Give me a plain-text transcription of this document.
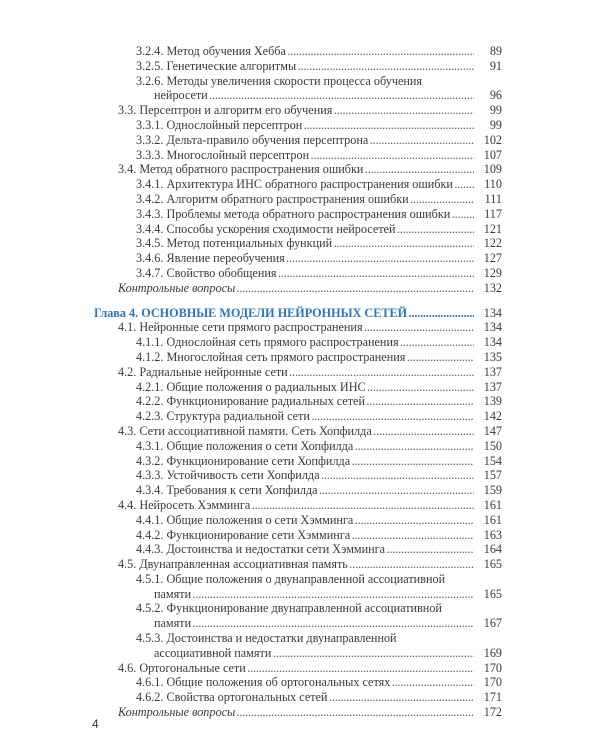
3.2.4. Метод обучения Хебба . . .	89
3.2.5. Генетические алгоритмы . . .	91
3.2.6. Методы увеличения скорости процесса обучения
нейросети . . .	96
3.3. Персептрон и алгоритм его обучения . . .	99
3.3.1. Однослойный персептрон . . .	99
3.3.2. Дельта-правило обучения персептрона . . .	102
3.3.3. Многослойный персептрон . . .	107
3.4. Метод обратного распространения ошибки . . .	109
3.4.1. Архитектура ИНС обратного распространения ошибки . . .	110
3.4.2. Алгоритм обратного распространения ошибки . . .	111
3.4.3. Проблемы метода обратного распространения ошибки . . .	117
3.4.4. Способы ускорения сходимости нейросетей . . .	121
3.4.5. Метод потенциальных функций . . .	122
3.4.6. Явление переобучения . . .	127
3.4.7. Свойство обобщения . . .	129
Контрольные вопросы . . .	132
Глава 4. ОСНОВНЫЕ МОДЕЛИ НЕЙРОННЫХ СЕТЕЙ . . .	134
4.1. Нейронные сети прямого распространения . . .	134
4.1.1. Однослойная сеть прямого распространения . . .	134
4.1.2. Многослойная сеть прямого распространения . . .	135
4.2. Радиальные нейронные сети . . .	137
4.2.1. Общие положения о радиальных ИНС . . .	137
4.2.2. Функционирование радиальных сетей . . .	139
4.2.3. Структура радиальной сети . . .	142
4.3. Сети ассоциативной памяти. Сеть Хопфилда . . .	147
4.3.1. Общие положения о сети Хопфилда . . .	150
4.3.2. Функционирование сети Хопфилда . . .	154
4.3.3. Устойчивость сети Хопфилда . . .	157
4.3.4. Требования к сети Хопфилда . . .	159
4.4. Нейросеть Хэмминга . . .	161
4.4.1. Общие положения о сети Хэмминга . . .	161
4.4.2. Функционирование сети Хэмминга . . .	163
4.4.3. Достоинства и недостатки сети Хэмминга . . .	164
4.5. Двунаправленная ассоциативная память . . .	165
4.5.1. Общие положения о двунаправленной ассоциативной
памяти . . .	165
4.5.2. Функционирование двунаправленной ассоциативной
памяти . . .	167
4.5.3. Достоинства и недостатки двунаправленной
ассоциативной памяти . . .	169
4.6. Ортогональные сети . . .	170
4.6.1. Общие положения об ортогональных сетях . . .	170
4.6.2. Свойства ортогональных сетей . . .	171
Контрольные вопросы . . .	172
4
